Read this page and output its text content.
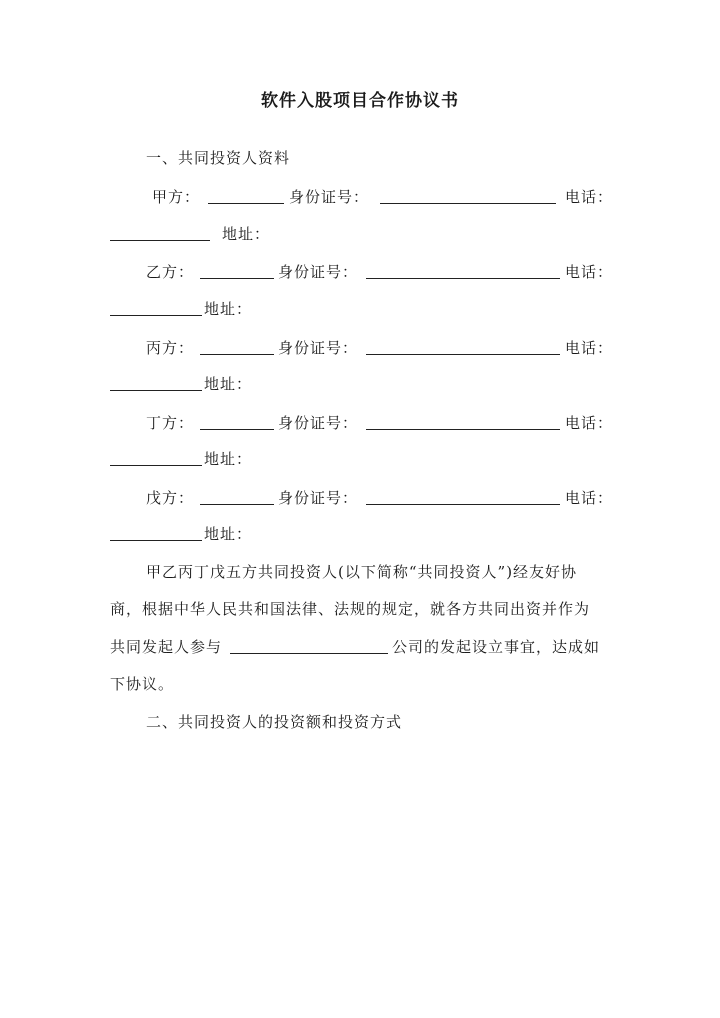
软件入股项目合作协议书
一、共同投资人资料
甲方：	身份证号：	电话：
地址：
乙方：	身份证号：	电话：
地址：
丙方：	身份证号：	电话：
地址：
丁方：	身份证号：	电话：
地址：
戊方：	身份证号：	电话：
地址：
甲乙丙丁戊五方共同投资人(以下简称“共同投资人”)经友好协
商，根据中华人民共和国法律、法规的规定，就各方共同出资并作为
共同发起人参与	公司的发起设立事宜，达成如
下协议。
二、共同投资人的投资额和投资方式
